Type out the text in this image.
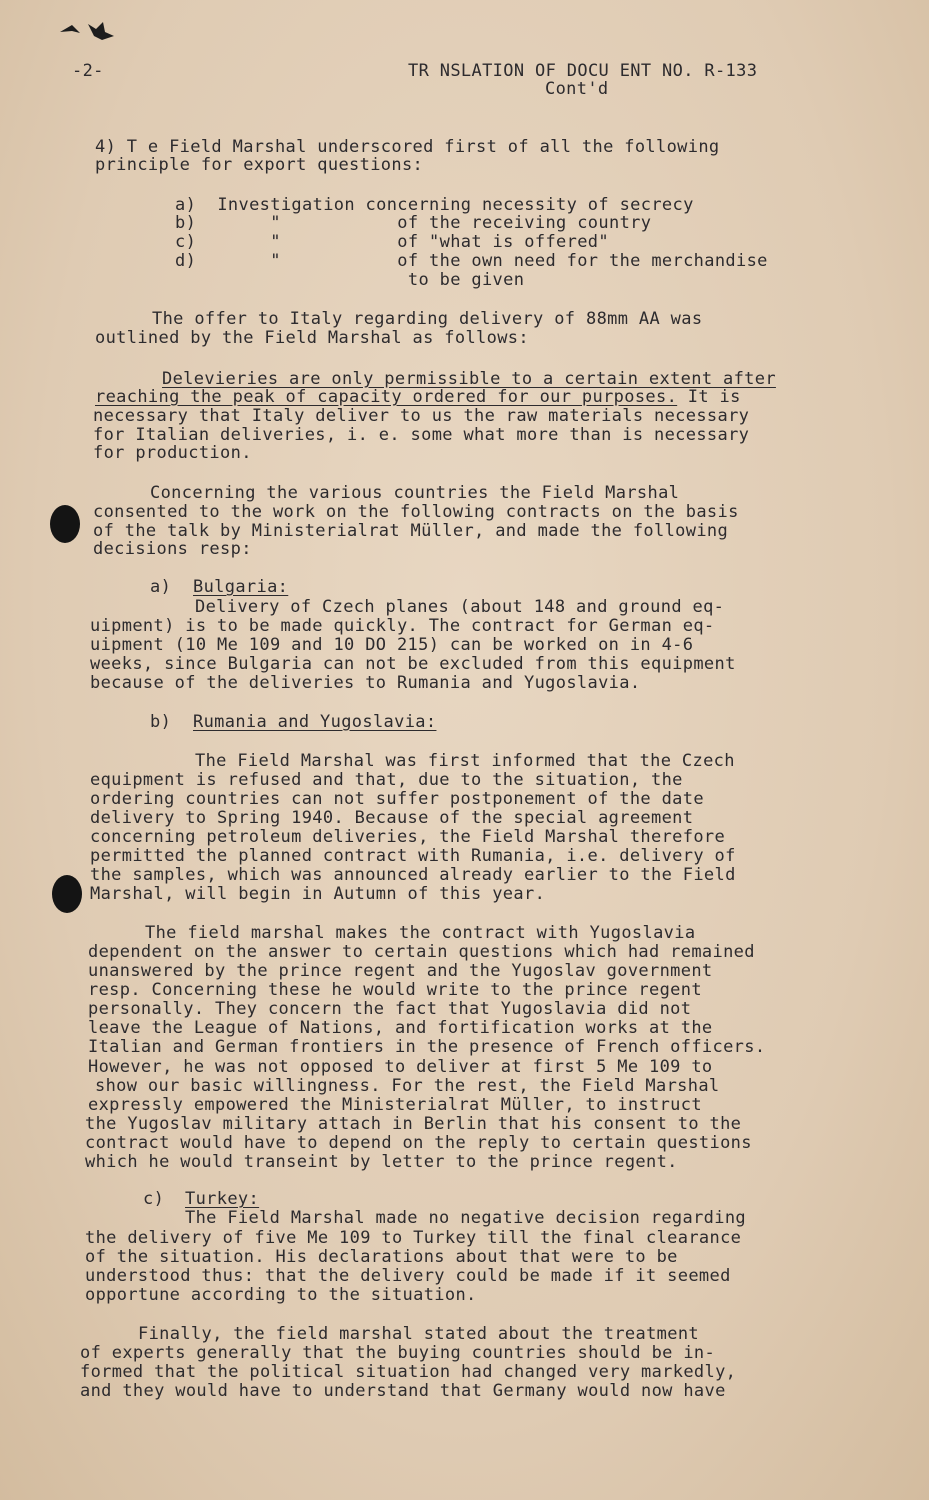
-2-	TR NSLATION OF DOCU ENT NO. R-133
Cont'd
4) T e Field Marshal underscored first of all the following
principle for export questions:
a)  Investigation concerning necessity of secrecy
b)       "           of the receiving country
c)       "           of "what is offered"
d)       "           of the own need for the merchandise
to be given
The offer to Italy regarding delivery of 88mm AA was
outlined by the Field Marshal as follows:
Delevieries are only permissible to a certain extent after
reaching the peak of capacity ordered for our purposes. It is
necessary that Italy deliver to us the raw materials necessary
for Italian deliveries, i. e. some what more than is necessary
for production.
Concerning the various countries the Field Marshal
consented to the work on the following contracts on the basis
of the talk by Ministerialrat Müller, and made the following
decisions resp:
a) Bulgaria:
Delivery of Czech planes (about 148 and ground eq-
uipment) is to be made quickly. The contract for German eq-
uipment (10 Me 109 and 10 DO 215) can be worked on in 4-6
weeks, since Bulgaria can not be excluded from this equipment
because of the deliveries to Rumania and Yugoslavia.
b) Rumania and Yugoslavia:
The Field Marshal was first informed that the Czech
equipment is refused and that, due to the situation, the
ordering countries can not suffer postponement of the date
delivery to Spring 1940. Because of the special agreement
concerning petroleum deliveries, the Field Marshal therefore
permitted the planned contract with Rumania, i.e. delivery of
the samples, which was announced already earlier to the Field
Marshal, will begin in Autumn of this year.
The field marshal makes the contract with Yugoslavia
dependent on the answer to certain questions which had remained
unanswered by the prince regent and the Yugoslav government
resp. Concerning these he would write to the prince regent
personally. They concern the fact that Yugoslavia did not
leave the League of Nations, and fortification works at the
Italian and German frontiers in the presence of French officers.
However, he was not opposed to deliver at first 5 Me 109 to
show our basic willingness. For the rest, the Field Marshal
expressly empowered the Ministerialrat Müller, to instruct
the Yugoslav military attach in Berlin that his consent to the
contract would have to depend on the reply to certain questions
which he would transeint by letter to the prince regent.
c) Turkey:
The Field Marshal made no negative decision regarding
the delivery of five Me 109 to Turkey till the final clearance
of the situation. His declarations about that were to be
understood thus: that the delivery could be made if it seemed
opportune according to the situation.
Finally, the field marshal stated about the treatment
of experts generally that the buying countries should be in-
formed that the political situation had changed very markedly,
and they would have to understand that Germany would now have
